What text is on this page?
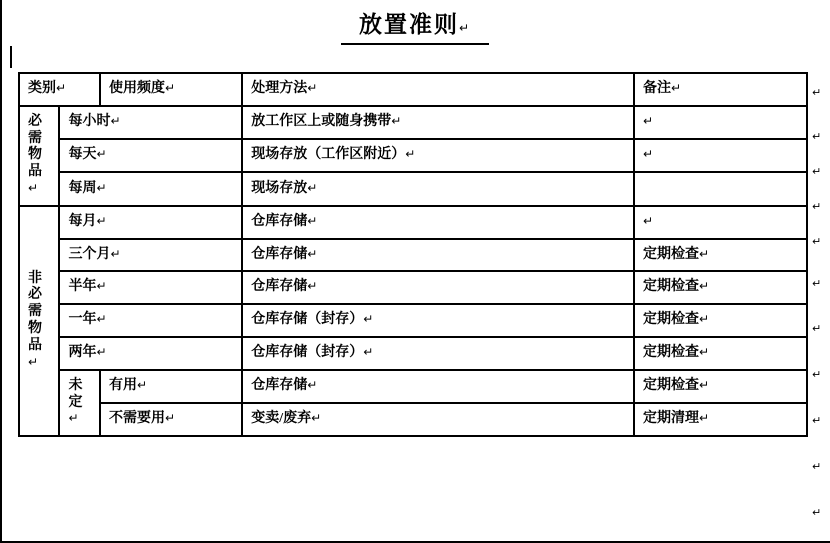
放置准则↵
类别↵		使用频度↵	处理方法↵	备注↵
必 需 物品↵	每小时↵		放工作区上或随身携带↵	↵
	每天↵		现场存放（工作区附近）↵	↵
	每周↵		现场存放↵	
非 必 需 物 品↵	每月↵		仓库存储↵	↵
	三个月↵		仓库存储↵	定期检查↵
	半年↵		仓库存储↵	定期检查↵
	一年↵		仓库存储（封存）↵	定期检查↵
	两年↵		仓库存储（封存）↵	定期检查↵
	未定↵	有用↵	仓库存储↵	定期检查↵
		不需要用↵	变卖/废弃↵	定期清理↵
↵
↵
↵
↵
↵
↵
↵
↵
↵
↵
↵
